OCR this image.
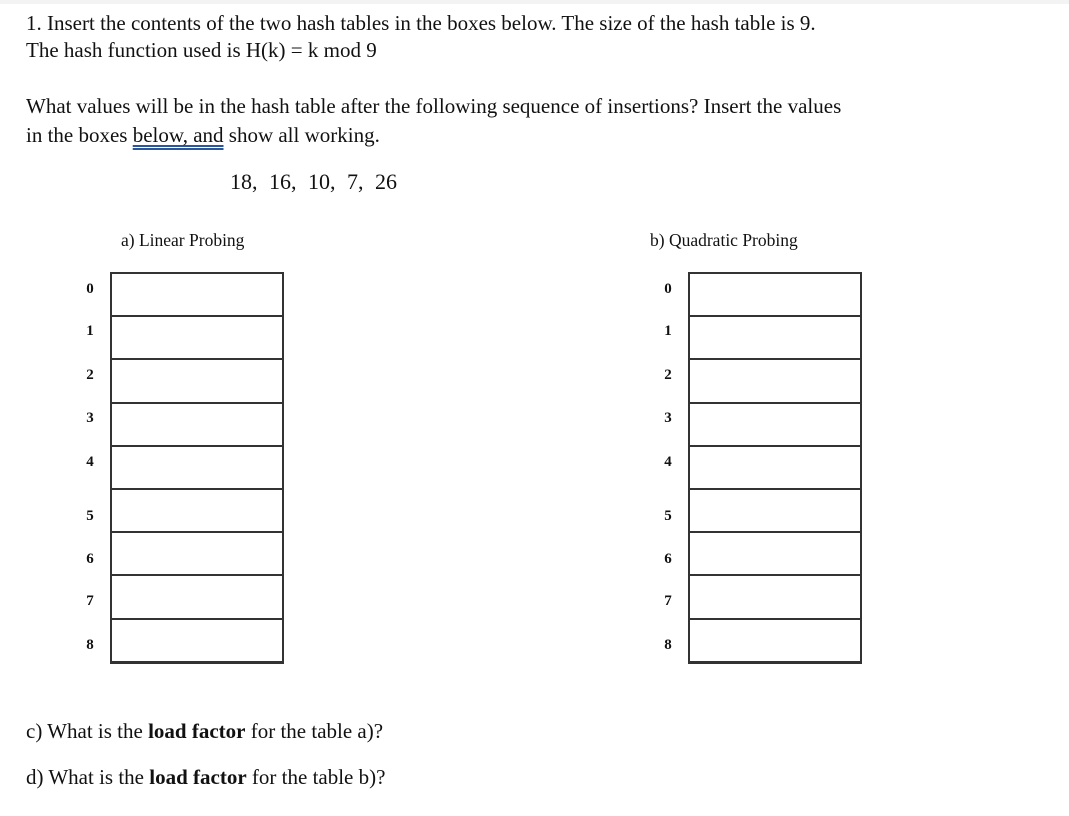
1. Insert the contents of the two hash tables in the boxes below. The size of the hash table is 9.
The hash function used is H(k) = k mod 9
What values will be in the hash table after the following sequence of insertions? Insert the values
in the boxes below, and show all working.
18, 16, 10, 7, 26
a) Linear Probing
0
1
2
3
4
5
6
7
8
b) Quadratic Probing
0
1
2
3
4
5
6
7
8
c) What is the load factor for the table a)?
d) What is the load factor for the table b)?
